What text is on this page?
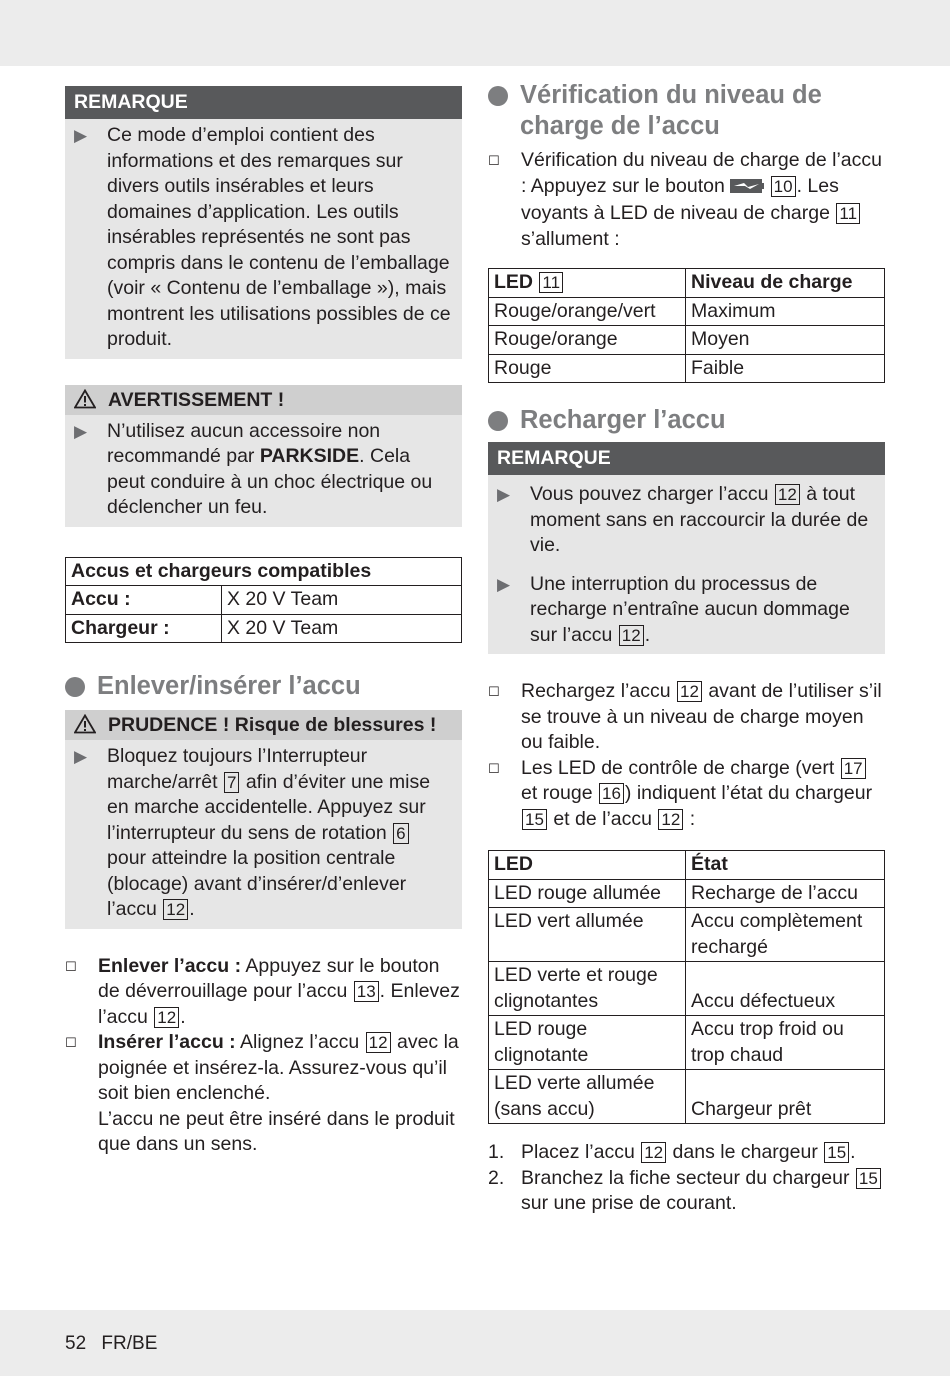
REMARQUE
▶	Ce mode d’emploi contient des informations et des remarques sur divers outils insérables et leurs domaines d’application. Les outils insérables représentés ne sont pas compris dans le contenu de l’emballage (voir « Contenu de l’emballage »), mais montrent les utilisations possibles de ce produit.
AVERTISSEMENT !
▶	N’utilisez aucun accessoire non recommandé par PARKSIDE. Cela peut conduire à un choc électrique ou déclencher un feu.
Accus et chargeurs compatibles	
Accu :	X 20 V Team
Chargeur :	X 20 V Team
Enlever/insérer l’accu
PRUDENCE ! Risque de blessures !
▶	Bloquez toujours l’Interrupteur marche/arrêt 7 afin d’éviter une mise en marche accidentelle. Appuyez sur l’interrupteur du sens de rotation 6 pour atteindre la position centrale (blocage) avant d’insérer/d’enlever l’accu 12 .
☐	Enlever l’accu : Appuyez sur le bouton de déverrouillage pour l’accu 13 . Enlevez l’accu 12 .
☐	Insérer l’accu : Alignez l’accu 12 avec la poignée et insérez-la. Assurez-vous qu’il soit bien enclenché.
L’accu ne peut être inséré dans le produit que dans un sens.
Vérification du niveau de charge de l’accu
☐	Vérification du niveau de charge de l’accu : Appuyez sur le bouton	10 . Les voyants à LED de niveau de charge 11 s’allument :
LED 11	Niveau de charge
Rouge/orange/vert	Maximum
Rouge/orange	Moyen
Rouge	Faible
Recharger l’accu
REMARQUE
▶	Vous pouvez charger l’accu 12 à tout moment sans en raccourcir la durée de vie.
▶	Une interruption du processus de recharge n’entraîne aucun dommage sur l’accu 12 .
☐	Rechargez l’accu 12 avant de l’utiliser s’il se trouve à un niveau de charge moyen ou faible.
☐	Les LED de contrôle de charge (vert 17 et rouge 16 ) indiquent l’état du chargeur 15 et de l’accu 12 :
LED	État
LED rouge allumée	Recharge de l’accu
LED vert allumée	Accu complètement rechargé
LED verte et rouge clignotantes	Accu défectueux
LED rouge clignotante	Accu trop froid ou trop chaud
LED verte allumée (sans accu)	Chargeur prêt
1. Placez l’accu 12 dans le chargeur 15 .
2. Branchez la fiche secteur du chargeur 15 sur une prise de courant.
52 FR/BE
